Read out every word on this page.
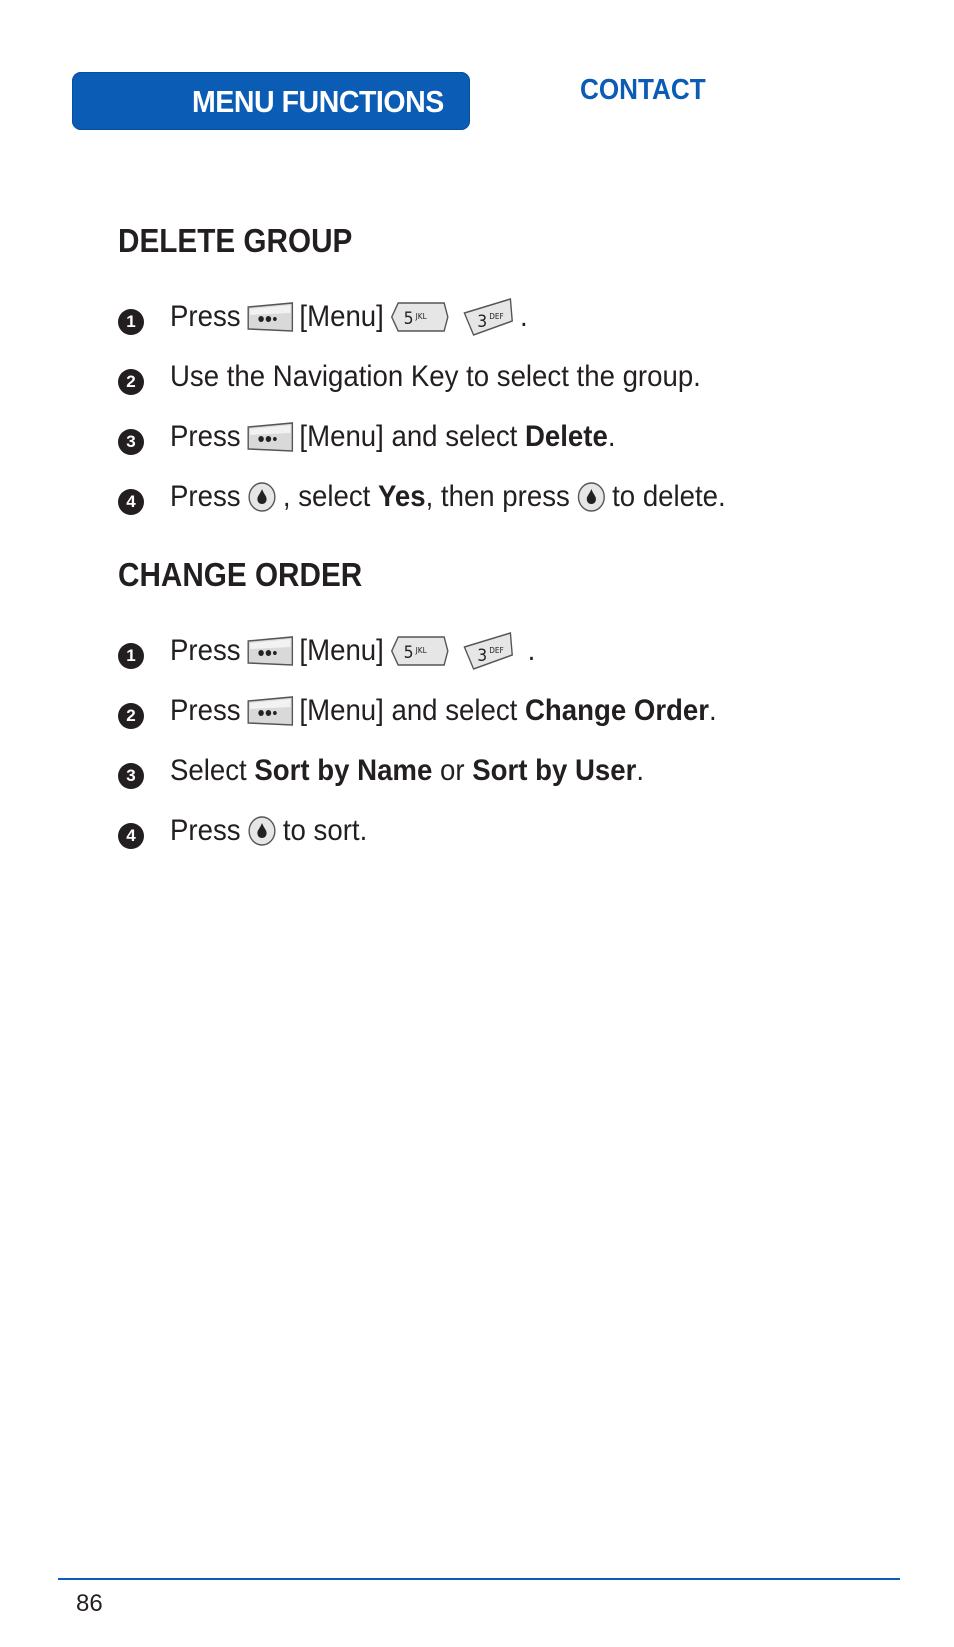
MENU FUNCTIONS	CONTACT
DELETE GROUP
1 Press [Menu] 5 JKL	3 DEF .
2 Use the Navigation Key to select the group.
3 Press [Menu] and select
Delete .
4 Press , select
Yes , then press to delete.
CHANGE ORDER
1 Press [Menu] 5 JKL	3 DEF
.
2 Press [Menu] and select
Change Order .
3 Select
Sort by Name
or
Sort by User .
4 Press to sort.
86
